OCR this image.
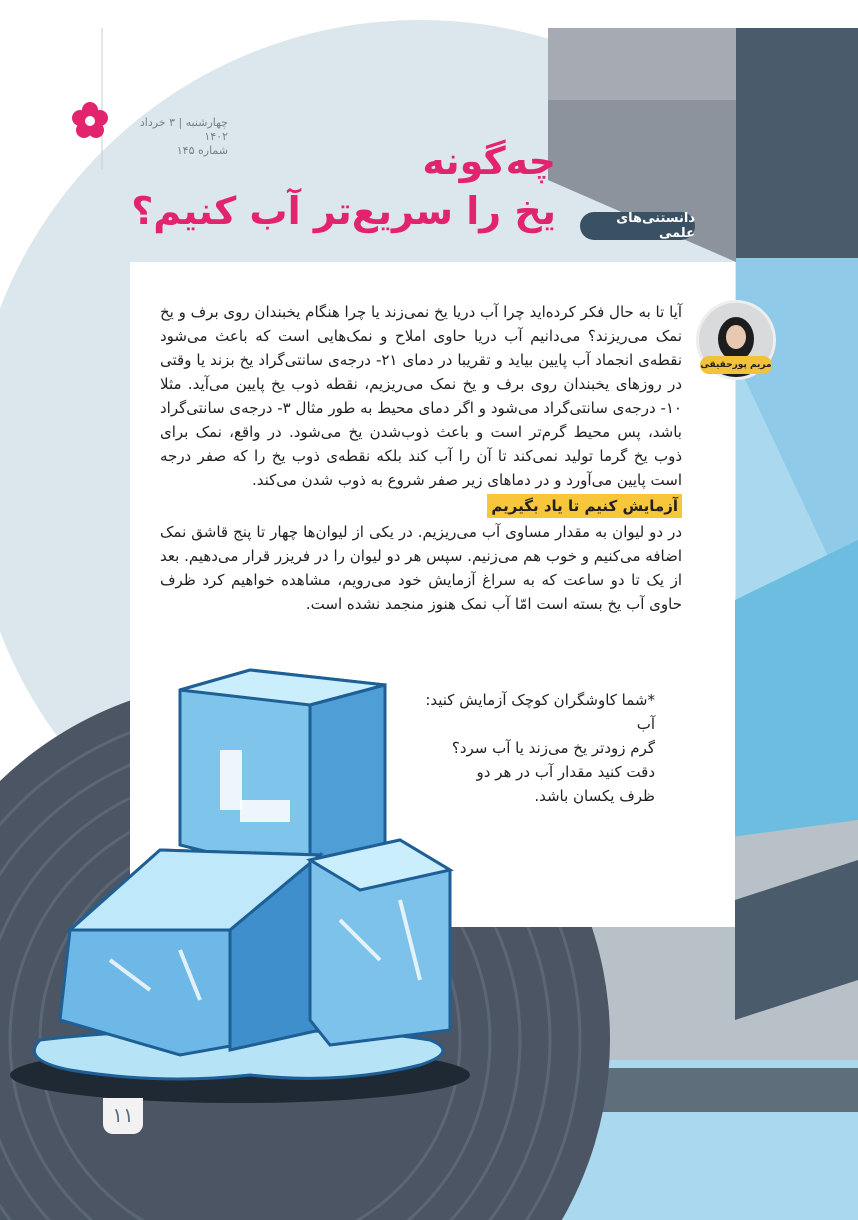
چهارشنبه | ۳ خرداد ۱۴۰۲
شماره ۱۴۵	چه‌گونه
یخ را سریع‌تر آب کنیم؟	دانستنی‌های علمی
مریم پورحقیقی

آیا تا به حال فکر کرده‌اید چرا آب دریا یخ نمی‌زند یا چرا هنگام یخبندان روی برف و یخ نمک می‌ریزند؟ می‌دانیم آب دریا حاوی املاح و نمک‌هایی است که باعث می‌شود نقطه‌ی انجماد آب پایین بیاید و تقریبا در دمای ۲۱- درجه‌ی سانتی‌گراد یخ بزند یا وقتی در روزهای یخبندان روی برف و یخ نمک می‌ریزیم، نقطه ذوب یخ پایین می‌آید. مثلا ۱۰- درجه‌ی سانتی‌گراد می‌شود و اگر دمای محیط به طور مثال ۳- درجه‌ی سانتی‌گراد باشد، پس محیط گرم‌تر است و باعث ذوب‌شدن یخ می‌شود. در واقع، نمک برای ذوب یخ گرما تولید نمی‌کند تا آن را آب کند بلکه نقطه‌ی ذوب یخ را که صفر درجه است پایین می‌آورد و در دماهای زیر صفر شروع به ذوب شدن می‌کند.

آزمایش کنیم تا یاد بگیریم

در دو لیوان به مقدار مساوی آب می‌ریزیم. در یکی از لیوان‌ها چهار تا پنج قاشق نمک اضافه می‌کنیم و خوب هم می‌زنیم. سپس هر دو لیوان را در فریزر قرار می‌دهیم. بعد از یک تا دو ساعت که به سراغ آزمایش خود می‌رویم، مشاهده خواهیم کرد ظرف حاوی آب یخ بسته است امّا آب نمک هنوز منجمد نشده است.

*شما کاوشگران کوچک آزمایش کنید: آب

گرم زودتر یخ می‌زند یا آب سرد؟

دقت کنید مقدار آب در هر دو

ظرف یکسان باشد.

۱۱
